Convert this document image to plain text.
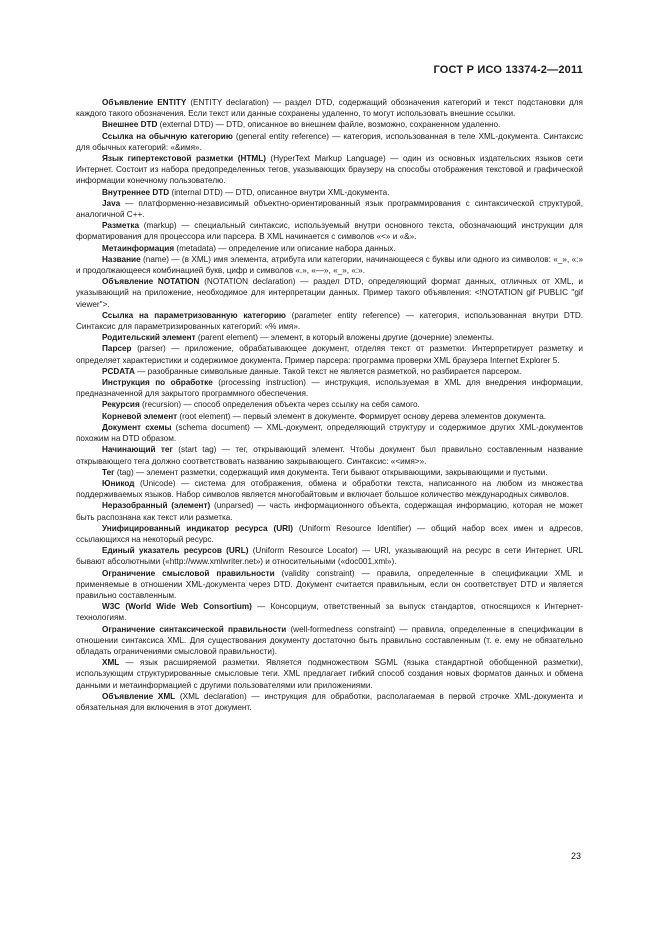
ГОСТ Р ИСО 13374-2—2011

Объявление ENTITY (ENTITY declaration) — раздел DTD, содержащий обозначения категорий и текст подстановки для каждого такого обозначения. Если текст или данные сохранены удаленно, то могут использовать внешние ссылки.

Внешнее DTD (external DTD) — DTD, описанное во внешнем файле, возможно, сохраненном удаленно.

Ссылка на обычную категорию (general entity reference) — категория, использованная в теле XML-документа. Синтаксис для обычных категорий: «&имя».

Язык гипертекстовой разметки (HTML) (HyperText Markup Language) — один из основных издательских языков сети Интернет. Состоит из набора предопределенных тегов, указывающих браузеру на способы отображения текстовой и графической информации конечному пользователю.

Внутреннее DTD (internal DTD) — DTD, описанное внутри XML-документа.

Java — платформенно-независимый объектно-ориентированный язык программирования с синтаксической структурой, аналогичной С++.

Разметка (markup) — специальный синтаксис, используемый внутри основного текста, обозначающий инструкции для форматирования для процессора или парсера. В XML начинается с символов «<» и «&».

Метаинформация (metadata) — определение или описание набора данных.

Название (name) — (в XML) имя элемента, атрибута или категории, начинающееся с буквы или одного из символов: «_», «:» и продолжающееся комбинацией букв, цифр и символов «.», «—», «_», «:».

Объявление NOTATION (NOTATION declaration) — раздел DTD, определяющий формат данных, отличных от XML, и указывающий на приложение, необходимое для интерпретации данных. Пример такого объявления: <!NOTATION gif PUBLIC "gif viewer">.

Ссылка на параметризованную категорию (parameter entity reference) — категория, использованная внутри DTD. Синтаксис для параметризированных категорий: «% имя».

Родительский элемент (parent element) — элемент, в который вложены другие (дочерние) элементы.

Парсер (parser) — приложение, обрабатывающее документ, отделяя текст от разметки. Интерпретирует разметку и определяет характеристики и содержимое документа. Пример парсера: программа проверки XML браузера Internet Explorer 5.

PCDATA — разобранные символьные данные. Такой текст не является разметкой, но разбирается парсером.

Инструкция по обработке (processing instruction) — инструкция, используемая в XML для внедрения информации, предназначенной для закрытого программного обеспечения.

Рекурсия (recursion) — способ определения объекта через ссылку на себя самого.

Корневой элемент (root element) — первый элемент в документе. Формирует основу дерева элементов документа.

Документ схемы (schema document) — XML-документ, определяющий структуру и содержимое других XML-документов похожим на DTD образом.

Начинающий тег (start tag) — тег, открывающий элемент. Чтобы документ был правильно составленным название открывающего тега должно соответствовать названию закрывающего. Синтаксис: «<имя>».

Тег (tag) — элемент разметки, содержащий имя документа. Теги бывают открывающими, закрывающими и пустыми.

Юникод (Unicode) — система для отображения, обмена и обработки текста, написанного на любом из множества поддерживаемых языков. Набор символов является многобайтовым и включает большое количество международных символов.

Неразобранный (элемент) (unparsed) — часть информационного объекта, содержащая информацию, которая не может быть распознана как текст или разметка.

Унифицированный индикатор ресурса (URI) (Uniform Resource Identifier) — общий набор всех имен и адресов, ссылающихся на некоторый ресурс.

Единый указатель ресурсов (URL) (Uniform Resource Locator) — URI, указывающий на ресурс в сети Интернет. URL бывают абсолютными («http://www.xmlwriter.net») и относительными («doc001.xml»).

Ограничение смысловой правильности (validity constraint) — правила, определенные в спецификации XML и применяемые в отношении XML-документа через DTD. Документ считается правильным, если он соответствует DTD и является правильно составленным.

W3C (World Wide Web Consortium) — Консорциум, ответственный за выпуск стандартов, относящихся к Интернет-технологиям.

Ограничение синтаксической правильности (well-formedness constraint) — правила, определенные в спецификации в отношении синтаксиса XML. Для существования документу достаточно быть правильно составленным (т. е. ему не обязательно обладать ограничениями смысловой правильности).

XML — язык расширяемой разметки. Является подмножеством SGML (языка стандартной обобщенной разметки), использующим структурированные смысловые теги. XML предлагает гибкий способ создания новых форматов данных и обмена данными и метаинформацией с другими пользователями или приложениями.

Объявление XML (XML declaration) — инструкция для обработки, располагаемая в первой строчке XML-документа и обязательная для включения в этот документ.

23
